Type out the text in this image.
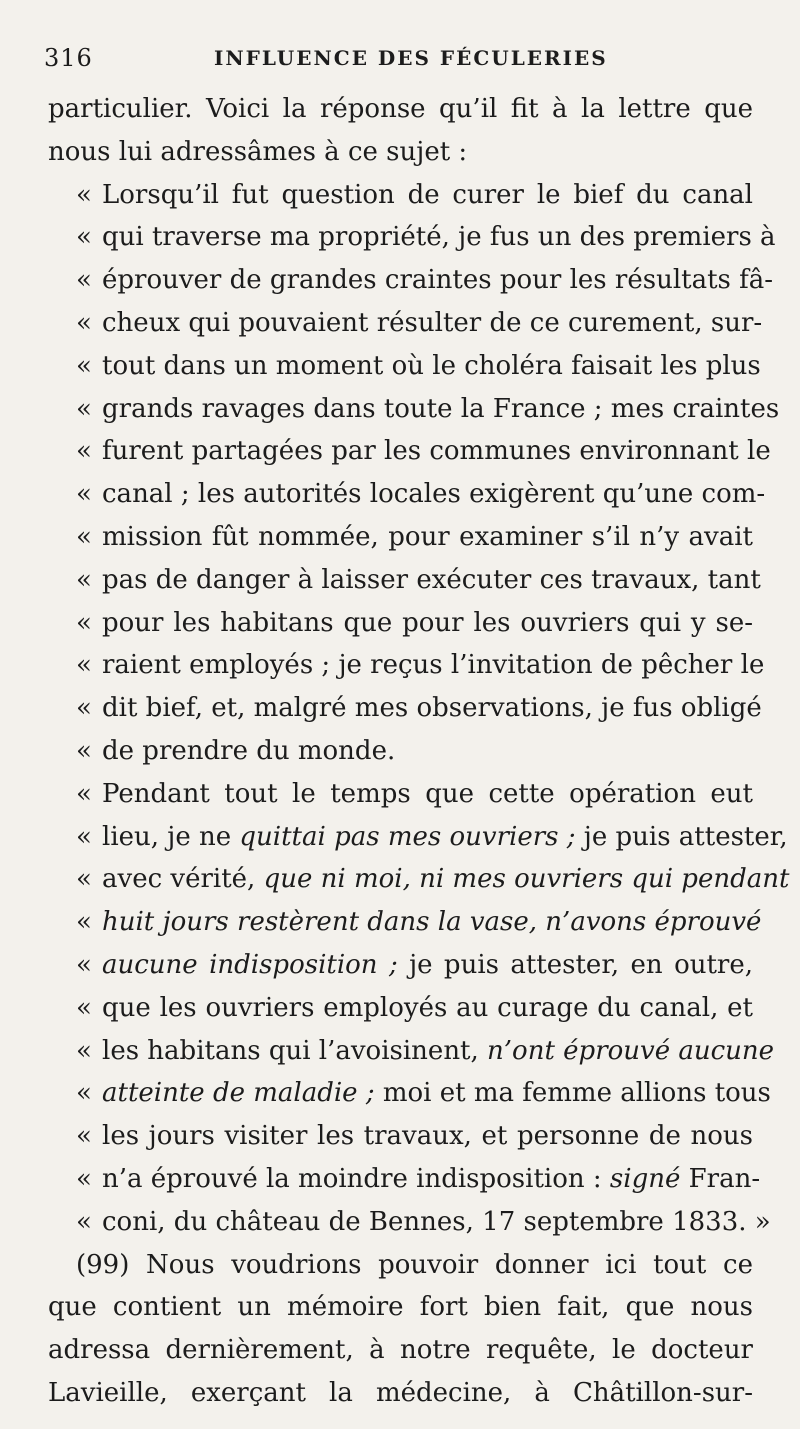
316	INFLUENCE DES FÉCULERIES
particulier. Voici la réponse qu’il fit à la lettre que
nous lui adressâmes à ce sujet :
«Lorsqu’il fut question de curer le bief du canal
«qui traverse ma propriété, je fus un des premiers à
«éprouver de grandes craintes pour les résultats fâ-
«cheux qui pouvaient résulter de ce curement, sur-
«tout dans un moment où le choléra faisait les plus
«grands ravages dans toute la France ; mes craintes
«furent partagées par les communes environnant le
«canal ; les autorités locales exigèrent qu’une com-
«mission fût nommée, pour examiner s’il n’y avait
«pas de danger à laisser exécuter ces travaux, tant
«pour les habitans que pour les ouvriers qui y se-
«raient employés ; je reçus l’invitation de pêcher le
«dit bief, et, malgré mes observations, je fus obligé
«de prendre du monde.
«Pendant tout le temps que cette opération eut
«lieu, je ne quittai pas mes ouvriers ; je puis attester,
«avec vérité, que ni moi, ni mes ouvriers qui pendant
«huit jours restèrent dans la vase, n’avons éprouvé
«aucune indisposition ; je puis attester, en outre,
«que les ouvriers employés au curage du canal, et
«les habitans qui l’avoisinent, n’ont éprouvé aucune
«atteinte de maladie ; moi et ma femme allions tous
«les jours visiter les travaux, et personne de nous
«n’a éprouvé la moindre indisposition : signé Fran-
«coni, du château de Bennes, 17 septembre 1833. »
(99) Nous voudrions pouvoir donner ici tout ce
que contient un mémoire fort bien fait, que nous
adressa dernièrement, à notre requête, le docteur
Lavieille, exerçant la médecine, à Châtillon-sur-
